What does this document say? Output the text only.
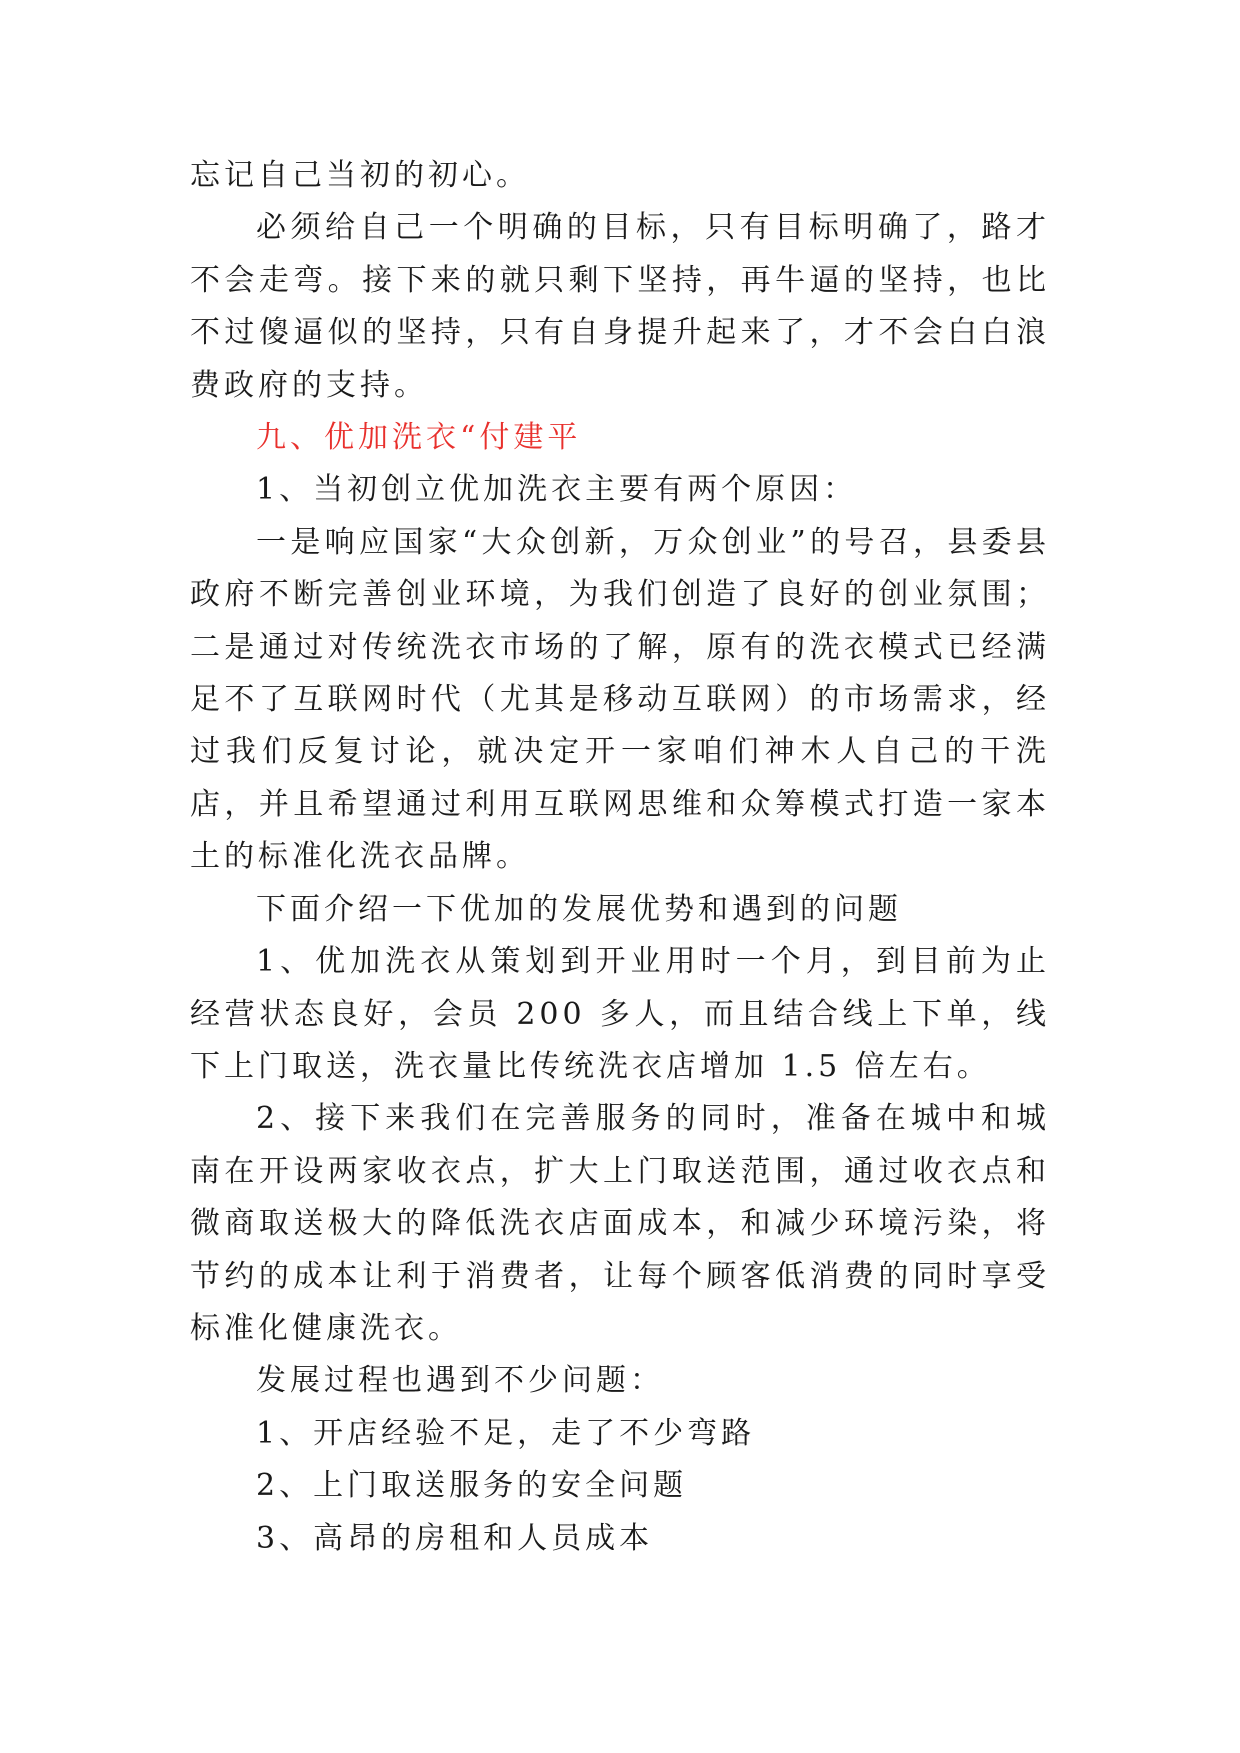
忘记自己当初的初心。

必须给自己一个明确的目标，只有目标明确了，路才不会走弯。接下来的就只剩下坚持，再牛逼的坚持，也比不过傻逼似的坚持，只有自身提升起来了，才不会白白浪费政府的支持。

九、优加洗衣“付建平

1、当初创立优加洗衣主要有两个原因：

一是响应国家“大众创新，万众创业”的号召，县委县政府不断完善创业环境，为我们创造了良好的创业氛围；二是通过对传统洗衣市场的了解，原有的洗衣模式已经满足不了互联网时代（尤其是移动互联网）的市场需求，经过我们反复讨论，就决定开一家咱们神木人自己的干洗店，并且希望通过利用互联网思维和众筹模式打造一家本土的标准化洗衣品牌。

下面介绍一下优加的发展优势和遇到的问题

1、优加洗衣从策划到开业用时一个月，到目前为止经营状态良好，会员 200 多人，而且结合线上下单，线下上门取送，洗衣量比传统洗衣店增加 1.5 倍左右。

2、接下来我们在完善服务的同时，准备在城中和城南在开设两家收衣点，扩大上门取送范围，通过收衣点和微商取送极大的降低洗衣店面成本，和减少环境污染，将节约的成本让利于消费者，让每个顾客低消费的同时享受标准化健康洗衣。

发展过程也遇到不少问题：

1、开店经验不足，走了不少弯路

2、上门取送服务的安全问题

3、高昂的房租和人员成本
